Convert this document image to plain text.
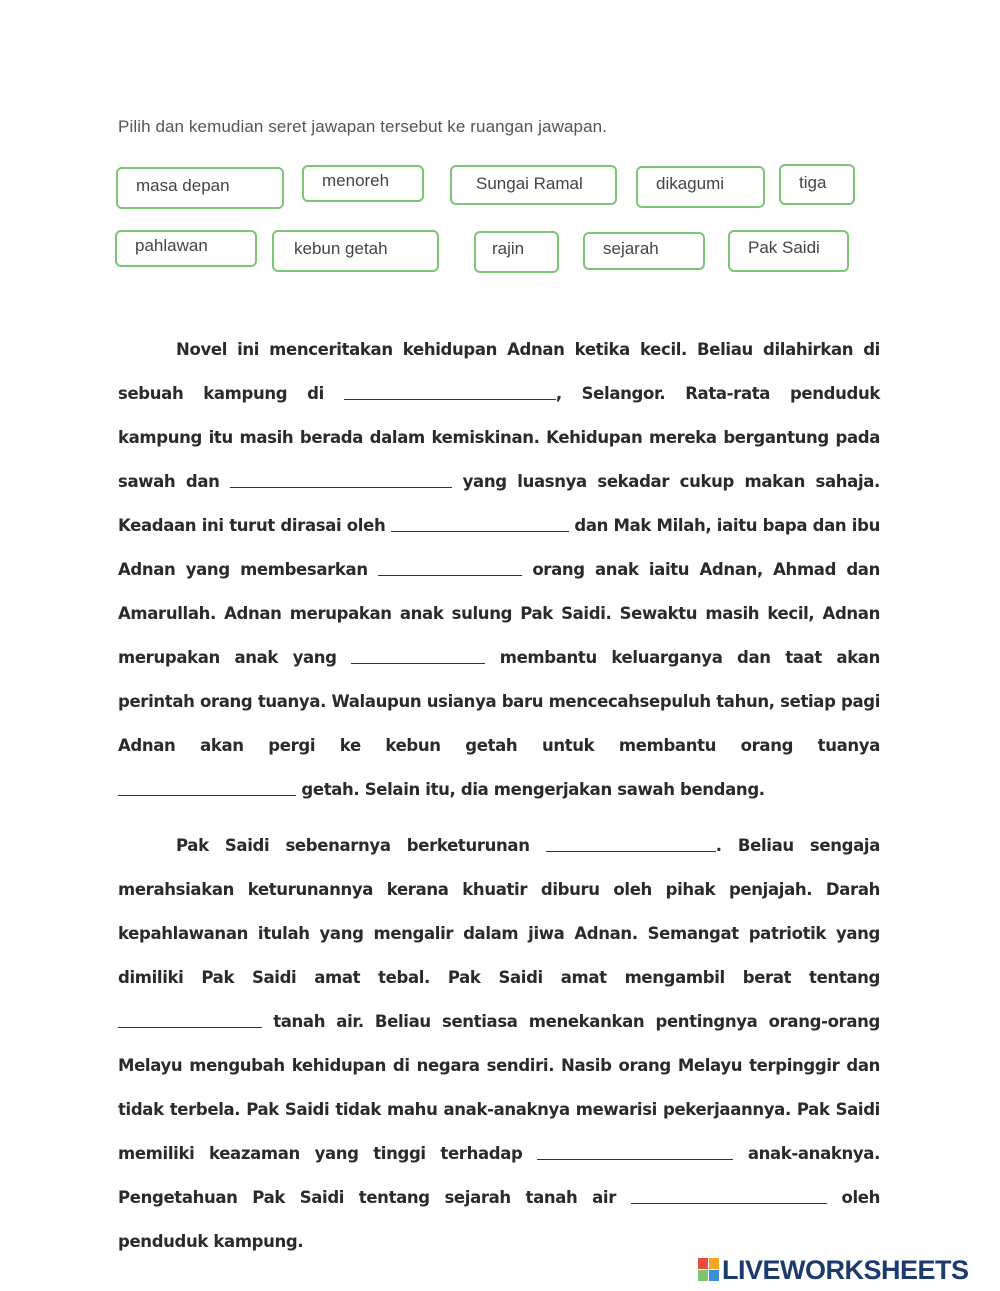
Pilih dan kemudian seret jawapan tersebut ke ruangan jawapan.
masa depan	menoreh	Sungai Ramal	dikagumi	tiga
pahlawan	kebun getah	rajin	sejarah	Pak Saidi
Novel ini menceritakan kehidupan Adnan ketika kecil. Beliau dilahirkan di sebuah kampung di	, Selangor. Rata-rata penduduk kampung itu masih berada dalam kemiskinan. Kehidupan mereka bergantung pada sawah dan	yang luasnya sekadar cukup makan sahaja. Keadaan ini turut dirasai oleh	dan Mak Milah, iaitu bapa dan ibu Adnan yang membesarkan	orang anak iaitu Adnan, Ahmad dan Amarullah. Adnan merupakan anak sulung Pak Saidi. Sewaktu masih kecil, Adnan merupakan anak yang	membantu keluarganya dan taat akan perintah orang tuanya. Walaupun usianya baru mencecahsepuluh tahun, setiap pagi Adnan akan pergi ke kebun getah untuk membantu orang tuanya  getah. Selain itu, dia mengerjakan sawah bendang.
Pak Saidi sebenarnya berketurunan	. Beliau sengaja merahsiakan keturunannya kerana khuatir diburu oleh pihak penjajah. Darah kepahlawanan itulah yang mengalir dalam jiwa Adnan. Semangat patriotik yang dimiliki Pak Saidi amat tebal. Pak Saidi amat mengambil berat tentang  tanah air. Beliau sentiasa menekankan pentingnya orang-orang Melayu mengubah kehidupan di negara sendiri. Nasib orang Melayu terpinggir dan tidak terbela. Pak Saidi tidak mahu anak-anaknya mewarisi pekerjaannya. Pak Saidi memiliki keazaman yang tinggi terhadap	anak-anaknya. Pengetahuan Pak Saidi tentang sejarah tanah air	oleh penduduk kampung.
LIVEWORKSHEETS
